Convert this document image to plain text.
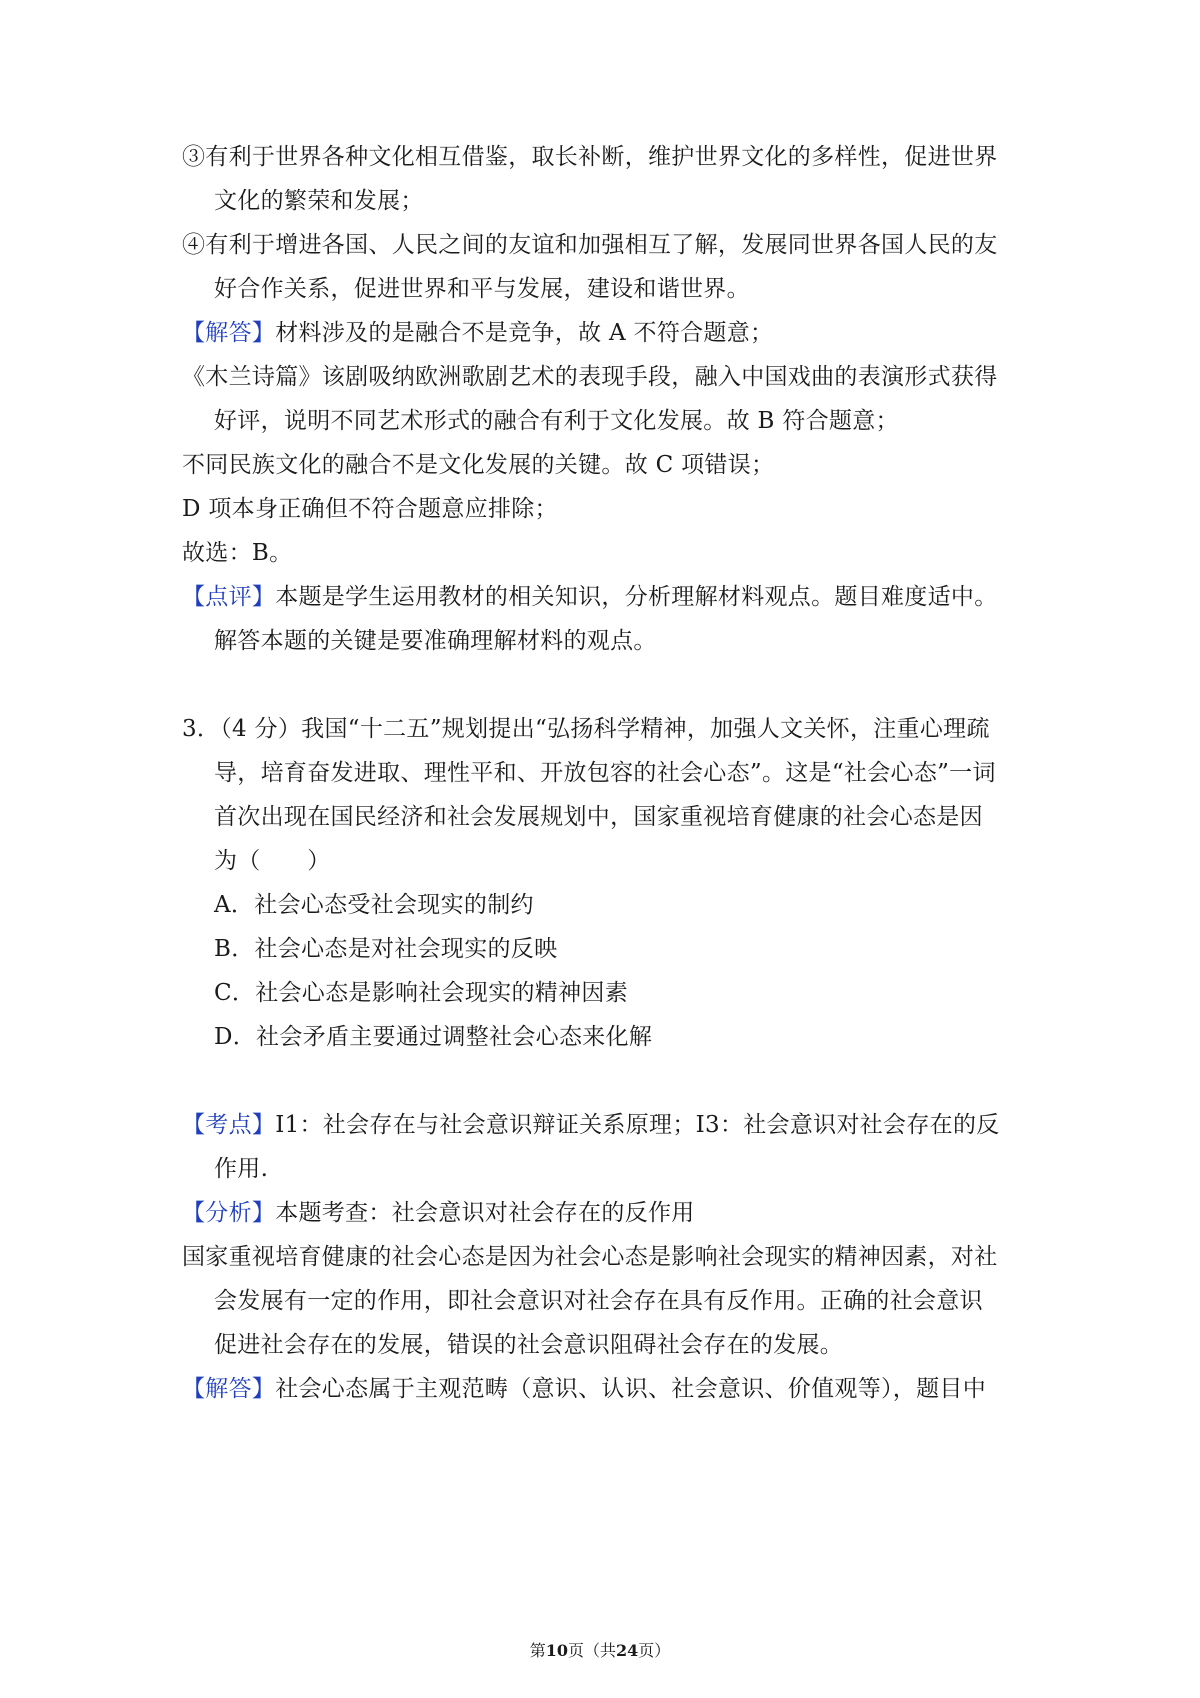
③有利于世界各种文化相互借鉴，取长补断，维护世界文化的多样性，促进世界
文化的繁荣和发展；
④有利于增进各国、人民之间的友谊和加强相互了解，发展同世界各国人民的友
好合作关系，促进世界和平与发展，建设和谐世界。
【解答】材料涉及的是融合不是竞争，故 A 不符合题意；
《木兰诗篇》该剧吸纳欧洲歌剧艺术的表现手段，融入中国戏曲的表演形式获得
好评，说明不同艺术形式的融合有利于文化发展。故 B 符合题意；
不同民族文化的融合不是文化发展的关键。故 C 项错误；
D 项本身正确但不符合题意应排除；
故选：B。
【点评】本题是学生运用教材的相关知识，分析理解材料观点。题目难度适中。
解答本题的关键是要准确理解材料的观点。
3．（4 分）我国“十二五”规划提出“弘扬科学精神，加强人文关怀，注重心理疏
导，培育奋发进取、理性平和、开放包容的社会心态”。这是“社会心态”一词
首次出现在国民经济和社会发展规划中，国家重视培育健康的社会心态是因
为（　　）
A．社会心态受社会现实的制约
B．社会心态是对社会现实的反映
C．社会心态是影响社会现实的精神因素
D．社会矛盾主要通过调整社会心态来化解
【考点】I1：社会存在与社会意识辩证关系原理；I3：社会意识对社会存在的反
作用.
【分析】本题考查：社会意识对社会存在的反作用
国家重视培育健康的社会心态是因为社会心态是影响社会现实的精神因素，对社
会发展有一定的作用，即社会意识对社会存在具有反作用。正确的社会意识
促进社会存在的发展，错误的社会意识阻碍社会存在的发展。
【解答】社会心态属于主观范畴（意识、认识、社会意识、价值观等），题目中
第10页（共24页）
